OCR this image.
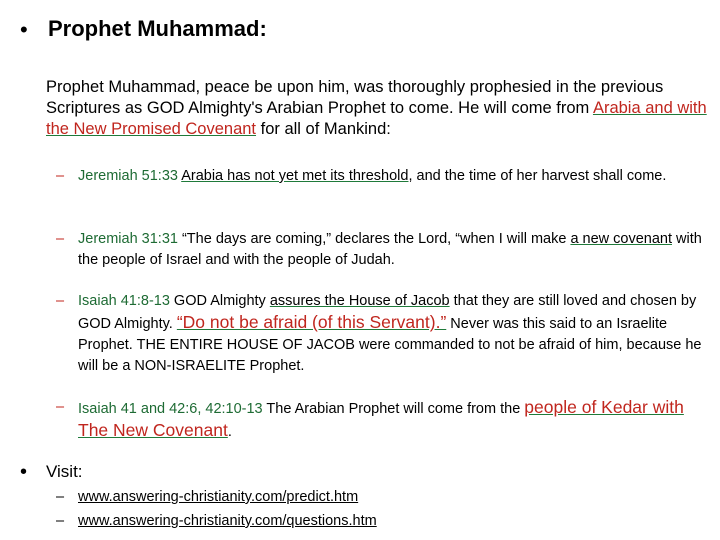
• Prophet Muhammad:
Prophet Muhammad, peace be upon him, was thoroughly prophesied in the previous Scriptures as GOD Almighty's Arabian Prophet to come. He will come from Arabia and with the New Promised Covenant for all of Mankind:
– Jeremiah 51:33 Arabia has not yet met its threshold, and the time of her harvest shall come.
– Jeremiah 31:31 “The days are coming,” declares the Lord, “when I will make a new covenant with the people of Israel and with the people of Judah.
– Isaiah 41:8-13 GOD Almighty assures the House of Jacob that they are still loved and chosen by GOD Almighty. “Do not be afraid (of this Servant).” Never was this said to an Israelite Prophet. THE ENTIRE HOUSE OF JACOB were commanded to not be afraid of him, because he will be a NON-ISRAELITE Prophet.
– Isaiah 41 and 42:6, 42:10-13 The Arabian Prophet will come from the people of Kedar with The New Covenant.
• Visit:
– www.answering-christianity.com/predict.htm
– www.answering-christianity.com/questions.htm
